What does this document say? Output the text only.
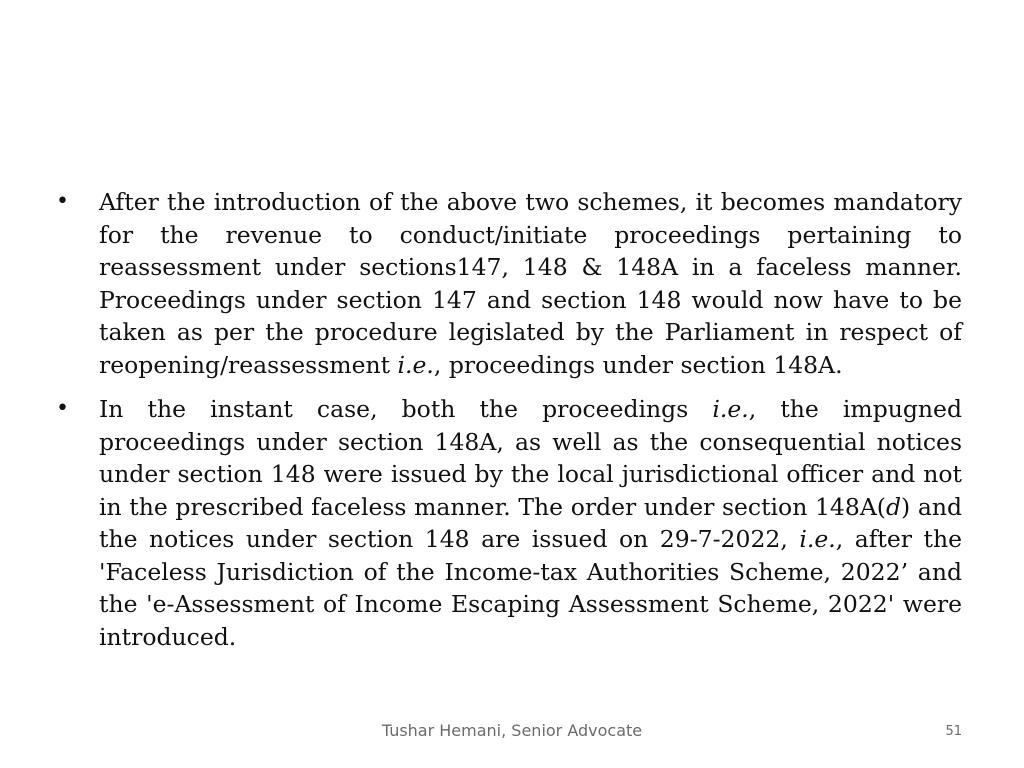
• After the introduction of the above two schemes, it becomes mandatory for the revenue to conduct/initiate proceedings pertaining to reassessment under sections147, 148 & 148A in a faceless manner. Proceedings under section 147 and section 148 would now have to be taken as per the procedure legislated by the Parliament in respect of reopening/reassessment i.e., proceedings under section 148A.
• In the instant case, both the proceedings i.e., the impugned proceedings under section 148A, as well as the consequential notices under section 148 were issued by the local jurisdictional officer and not in the prescribed faceless manner. The order under section 148A(d) and the notices under section 148 are issued on 29-7-2022, i.e., after the 'Faceless Jurisdiction of the Income-tax Authorities Scheme, 2022’ and the 'e-Assessment of Income Escaping Assessment Scheme, 2022' were introduced.
Tushar Hemani, Senior Advocate	51
